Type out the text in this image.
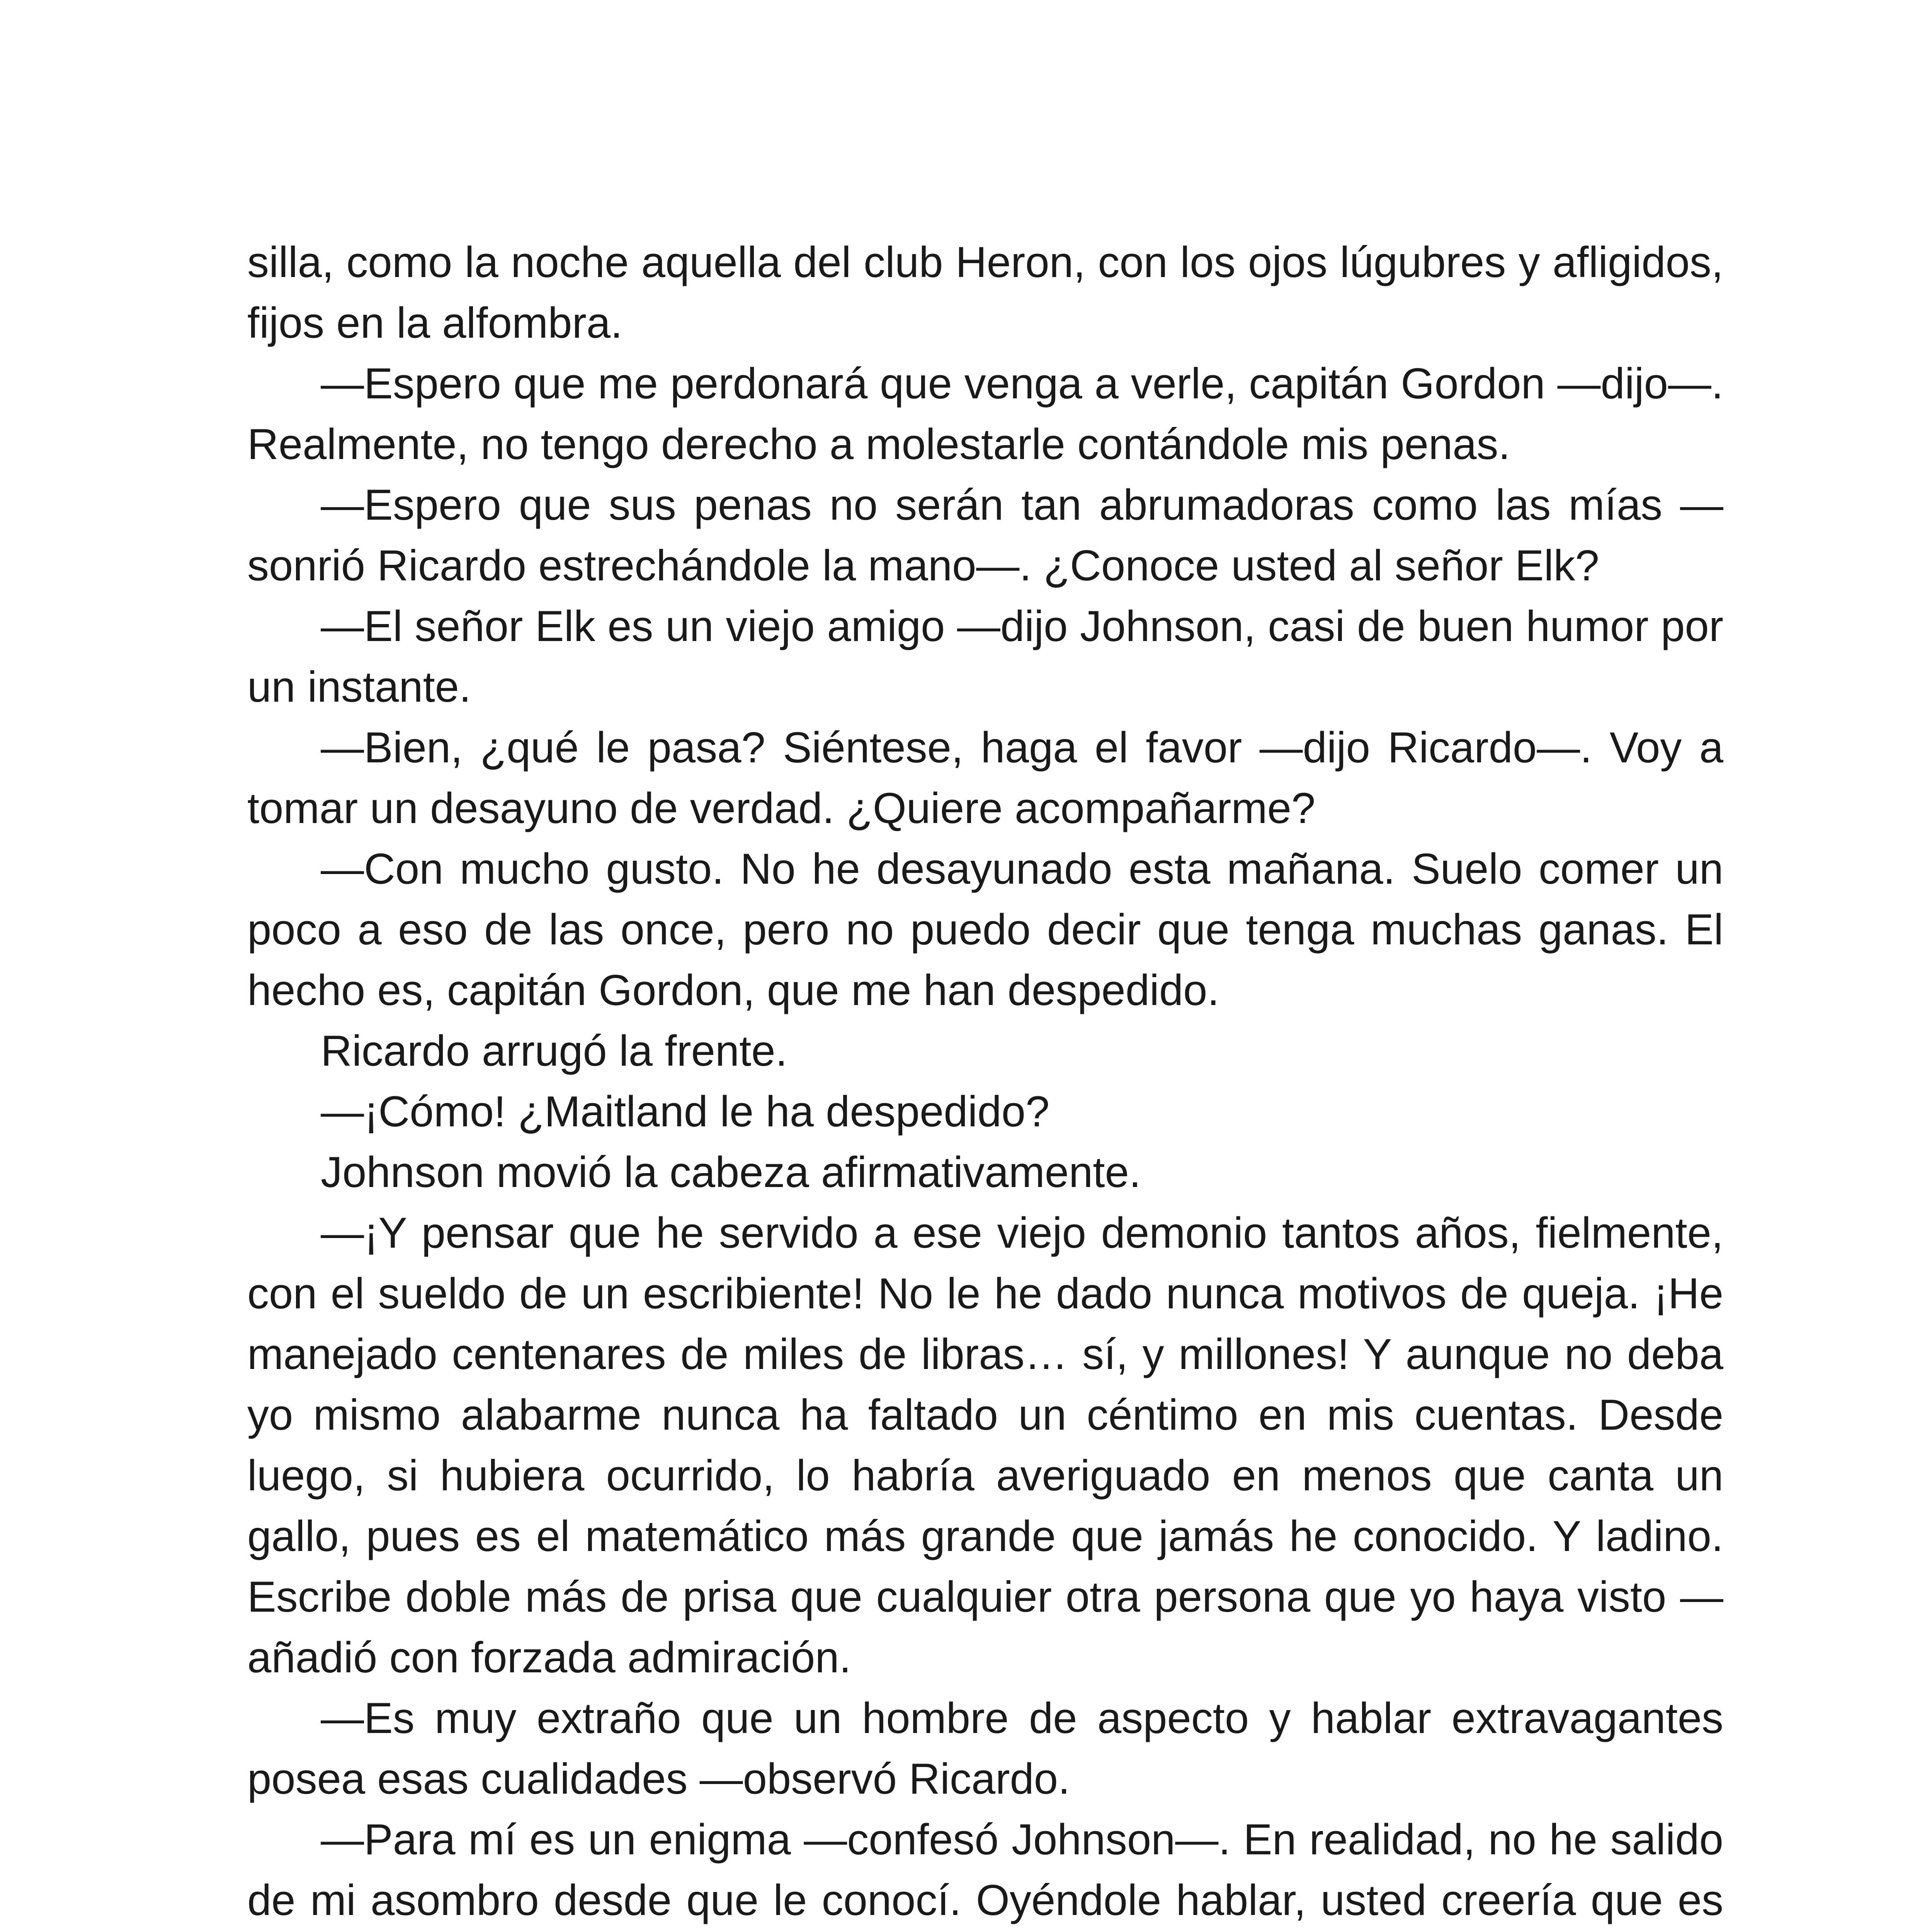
silla, como la noche aquella del club Heron, con los ojos lúgubres y afligidos, fijos en la alfombra.

—Espero que me perdonará que venga a verle, capitán Gordon —dijo—. Realmente, no tengo derecho a molestarle contándole mis penas.

—Espero que sus penas no serán tan abrumadoras como las mías —sonrió Ricardo estrechándole la mano—. ¿Conoce usted al señor Elk?

—El señor Elk es un viejo amigo —dijo Johnson, casi de buen humor por un instante.

—Bien, ¿qué le pasa? Siéntese, haga el favor —dijo Ricardo—. Voy a tomar un desayuno de verdad. ¿Quiere acompañarme?

—Con mucho gusto. No he desayunado esta mañana. Suelo comer un poco a eso de las once, pero no puedo decir que tenga muchas ganas. El hecho es, capitán Gordon, que me han despedido.

Ricardo arrugó la frente.

—¡Cómo! ¿Maitland le ha despedido?

Johnson movió la cabeza afirmativamente.

—¡Y pensar que he servido a ese viejo demonio tantos años, fielmente, con el sueldo de un escribiente! No le he dado nunca motivos de queja. ¡He manejado centenares de miles de libras… sí, y millones! Y aunque no deba yo mismo alabarme nunca ha faltado un céntimo en mis cuentas. Desde luego, si hubiera ocurrido, lo habría averiguado en menos que canta un gallo, pues es el matemático más grande que jamás he conocido. Y ladino. Escribe doble más de prisa que cualquier otra persona que yo haya visto —añadió con forzada admiración.

—Es muy extraño que un hombre de aspecto y hablar extravagantes posea esas cualidades —observó Ricardo.

—Para mí es un enigma —confesó Johnson—. En realidad, no he salido de mi asombro desde que le conocí. Oyéndole hablar, usted creería que es
